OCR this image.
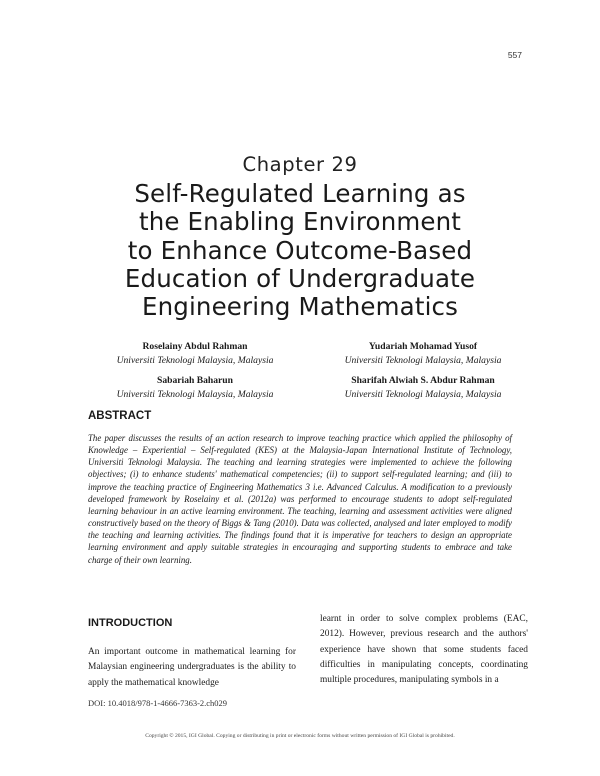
557
Chapter 29
Self-Regulated Learning as
the Enabling Environment
to Enhance Outcome-Based
Education of Undergraduate
Engineering Mathematics
Roselainy Abdul Rahman
Universiti Teknologi Malaysia, Malaysia
Yudariah Mohamad Yusof
Universiti Teknologi Malaysia, Malaysia
Sabariah Baharun
Universiti Teknologi Malaysia, Malaysia
Sharifah Alwiah S. Abdur Rahman
Universiti Teknologi Malaysia, Malaysia
ABSTRACT
The paper discusses the results of an action research to improve teaching practice which applied the philosophy of Knowledge – Experiential – Self-regulated (KES) at the Malaysia-Japan International Institute of Technology, Universiti Teknologi Malaysia. The teaching and learning strategies were implemented to achieve the following objectives; (i) to enhance students' mathematical competencies; (ii) to support self-regulated learning; and (iii) to improve the teaching practice of Engineering Mathematics 3 i.e. Advanced Calculus. A modification to a previously developed framework by Roselainy et al. (2012a) was performed to encourage students to adopt self-regulated learning behaviour in an active learning environment. The teaching, learning and assessment activities were aligned constructively based on the theory of Biggs & Tang (2010). Data was collected, analysed and later employed to modify the teaching and learning activities. The findings found that it is imperative for teachers to design an appropriate learning environment and apply suitable strategies in encouraging and supporting students to embrace and take charge of their own learning.
INTRODUCTION
An important outcome in mathematical learning for Malaysian engineering undergraduates is the ability to apply the mathematical knowledge
learnt in order to solve complex problems (EAC, 2012). However, previous research and the authors' experience have shown that some students faced difficulties in manipulating concepts, coordinating multiple procedures, manipulating symbols in a
DOI: 10.4018/978-1-4666-7363-2.ch029
Copyright © 2015, IGI Global. Copying or distributing in print or electronic forms without written permission of IGI Global is prohibited.
